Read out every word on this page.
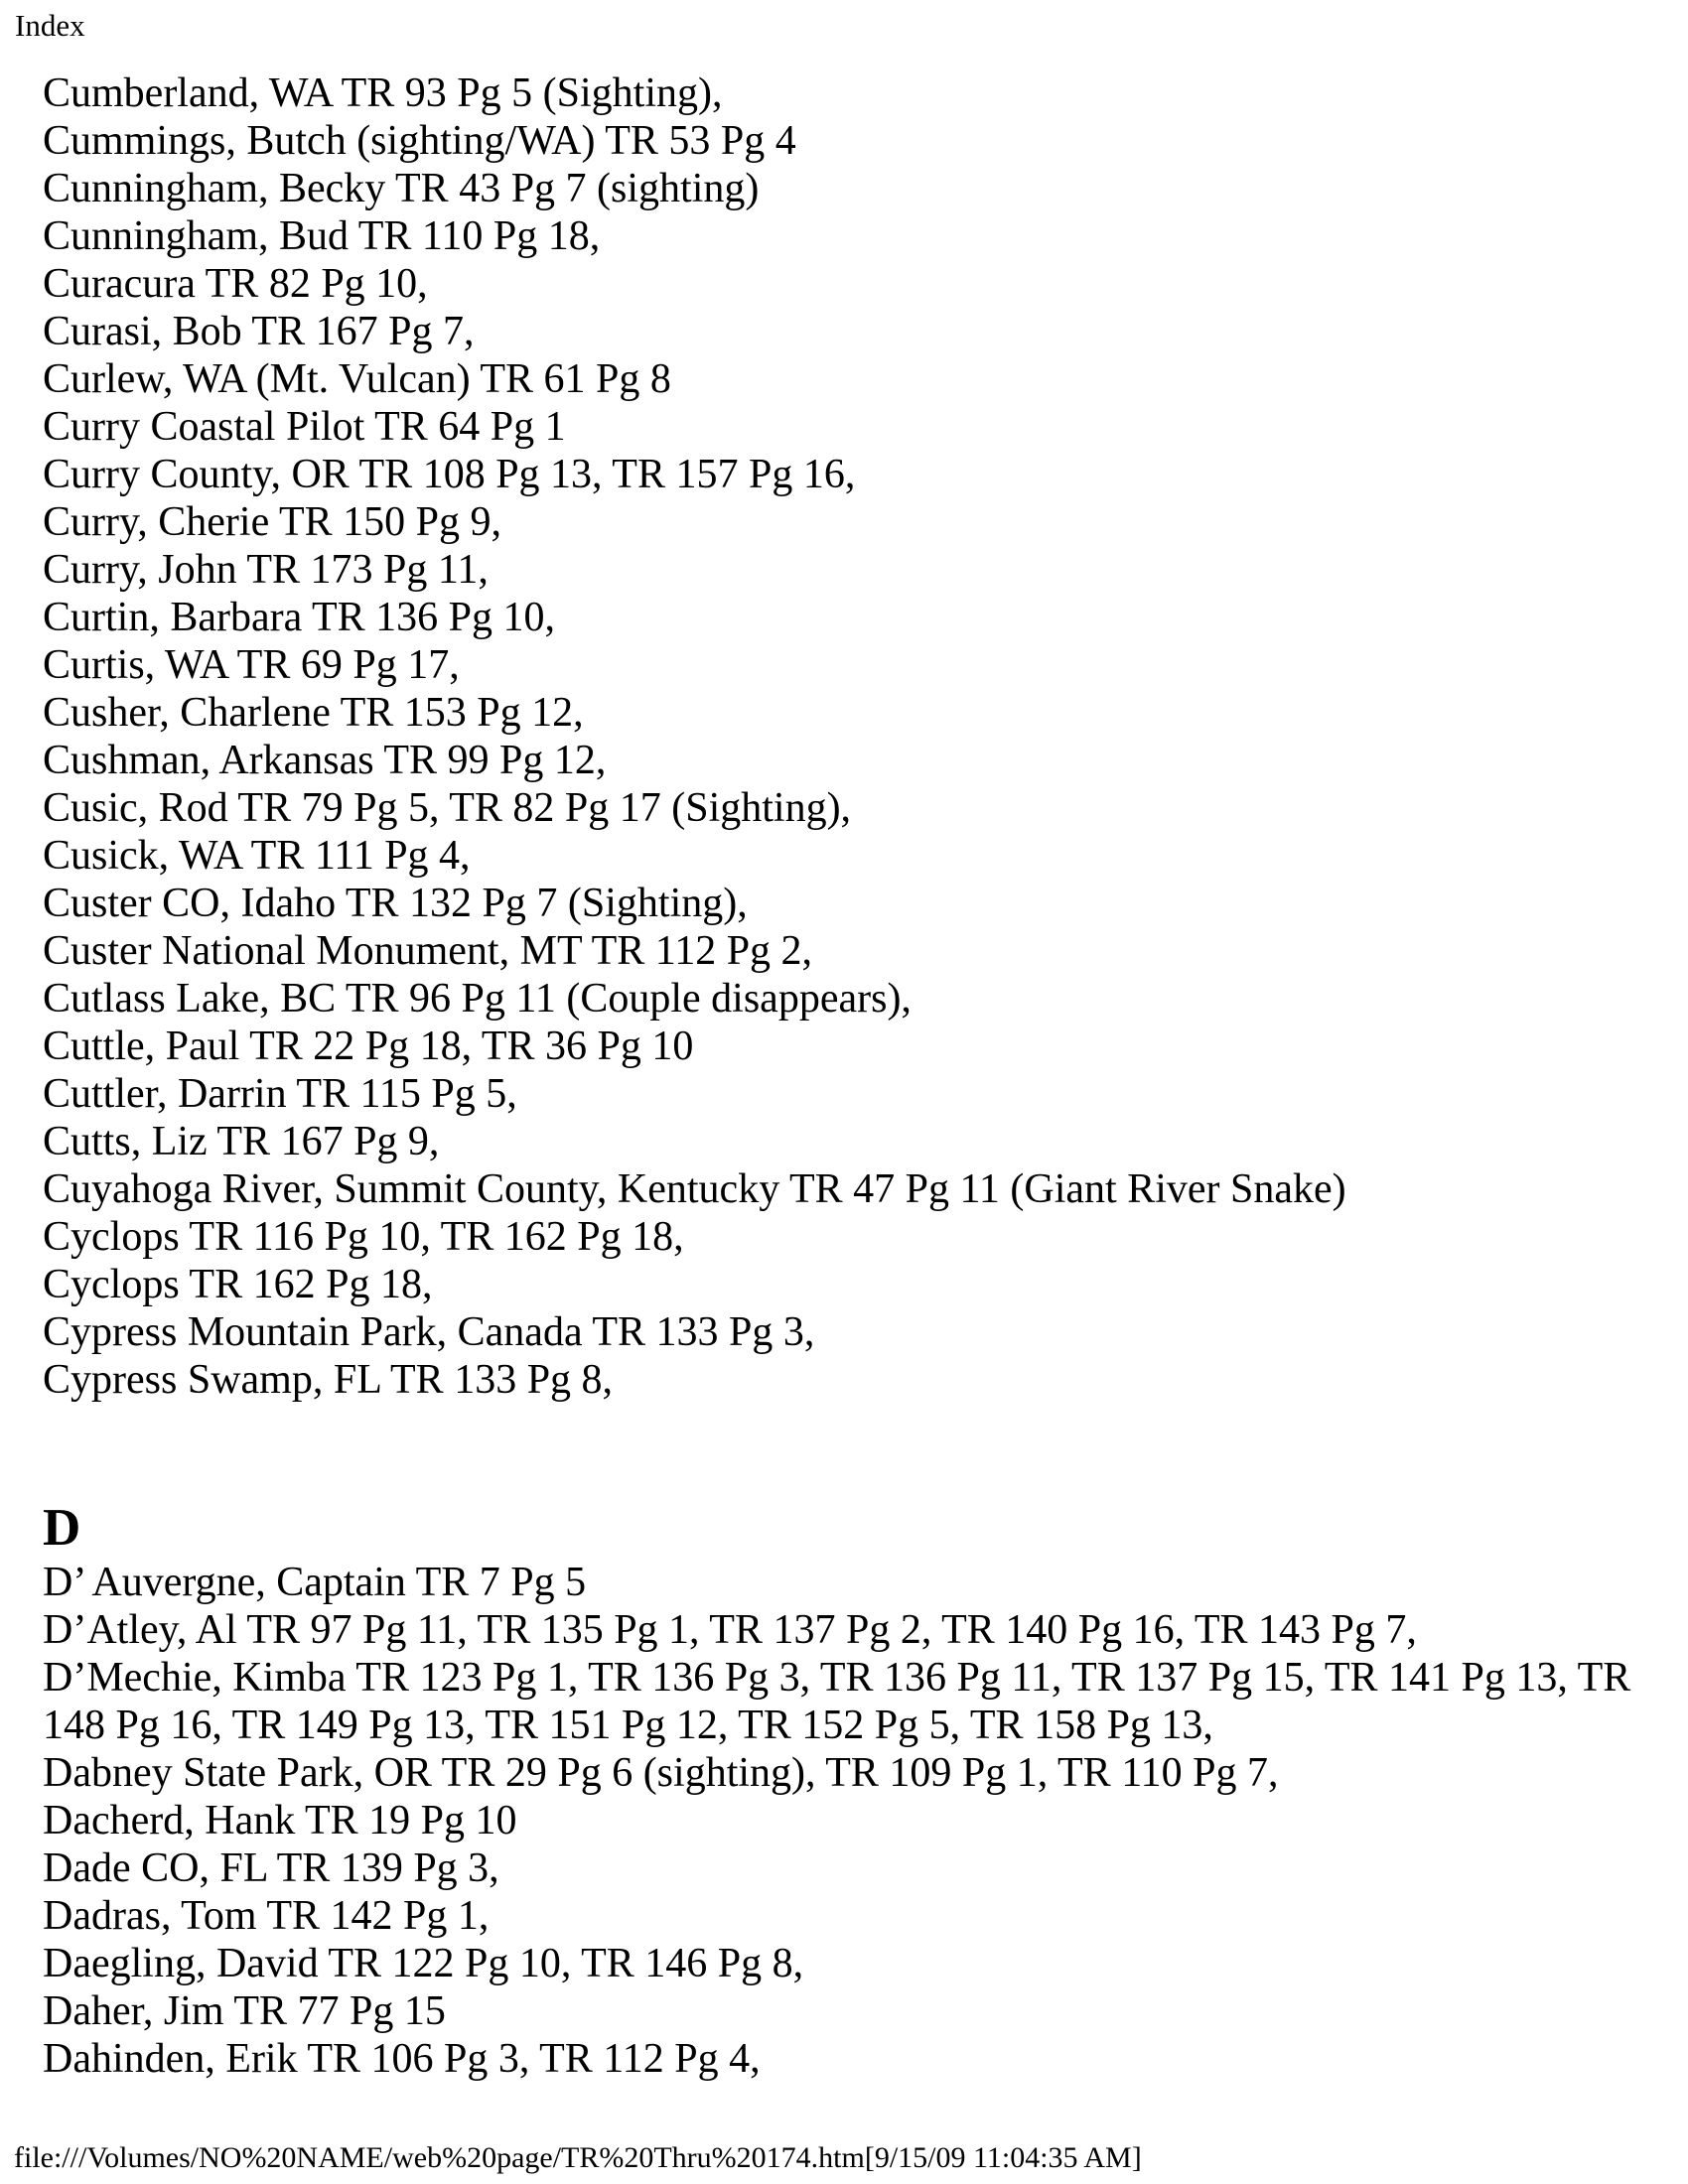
Index
Cumberland, WA TR 93 Pg 5 (Sighting),
Cummings, Butch (sighting/WA) TR 53 Pg 4
Cunningham, Becky TR 43 Pg 7 (sighting)
Cunningham, Bud TR 110 Pg 18,
Curacura TR 82 Pg 10,
Curasi, Bob TR 167 Pg 7,
Curlew, WA (Mt. Vulcan) TR 61 Pg 8
Curry Coastal Pilot TR 64 Pg 1
Curry County, OR TR 108 Pg 13, TR 157 Pg 16,
Curry, Cherie TR 150 Pg 9,
Curry, John TR 173 Pg 11,
Curtin, Barbara TR 136 Pg 10,
Curtis, WA TR 69 Pg 17,
Cusher, Charlene TR 153 Pg 12,
Cushman, Arkansas TR 99 Pg 12,
Cusic, Rod TR 79 Pg 5, TR 82 Pg 17 (Sighting),
Cusick, WA TR 111 Pg 4,
Custer CO, Idaho TR 132 Pg 7 (Sighting),
Custer National Monument, MT TR 112 Pg 2,
Cutlass Lake, BC TR 96 Pg 11 (Couple disappears),
Cuttle, Paul TR 22 Pg 18, TR 36 Pg 10
Cuttler, Darrin TR 115 Pg 5,
Cutts, Liz TR 167 Pg 9,
Cuyahoga River, Summit County, Kentucky TR 47 Pg 11 (Giant River Snake)
Cyclops TR 116 Pg 10, TR 162 Pg 18,
Cyclops TR 162 Pg 18,
Cypress Mountain Park, Canada TR 133 Pg 3,
Cypress Swamp, FL TR 133 Pg 8,
D
D’ Auvergne, Captain TR 7 Pg 5
D’Atley, Al TR 97 Pg 11, TR 135 Pg 1, TR 137 Pg 2, TR 140 Pg 16, TR 143 Pg 7,
D’Mechie, Kimba TR 123 Pg 1, TR 136 Pg 3, TR 136 Pg 11, TR 137 Pg 15, TR 141 Pg 13, TR
148 Pg 16, TR 149 Pg 13, TR 151 Pg 12, TR 152 Pg 5, TR 158 Pg 13,
Dabney State Park, OR TR 29 Pg 6 (sighting), TR 109 Pg 1, TR 110 Pg 7,
Dacherd, Hank TR 19 Pg 10
Dade CO, FL TR 139 Pg 3,
Dadras, Tom TR 142 Pg 1,
Daegling, David TR 122 Pg 10, TR 146 Pg 8,
Daher, Jim TR 77 Pg 15
Dahinden, Erik TR 106 Pg 3, TR 112 Pg 4,
file:///Volumes/NO%20NAME/web%20page/TR%20Thru%20174.htm[9/15/09 11:04:35 AM]
